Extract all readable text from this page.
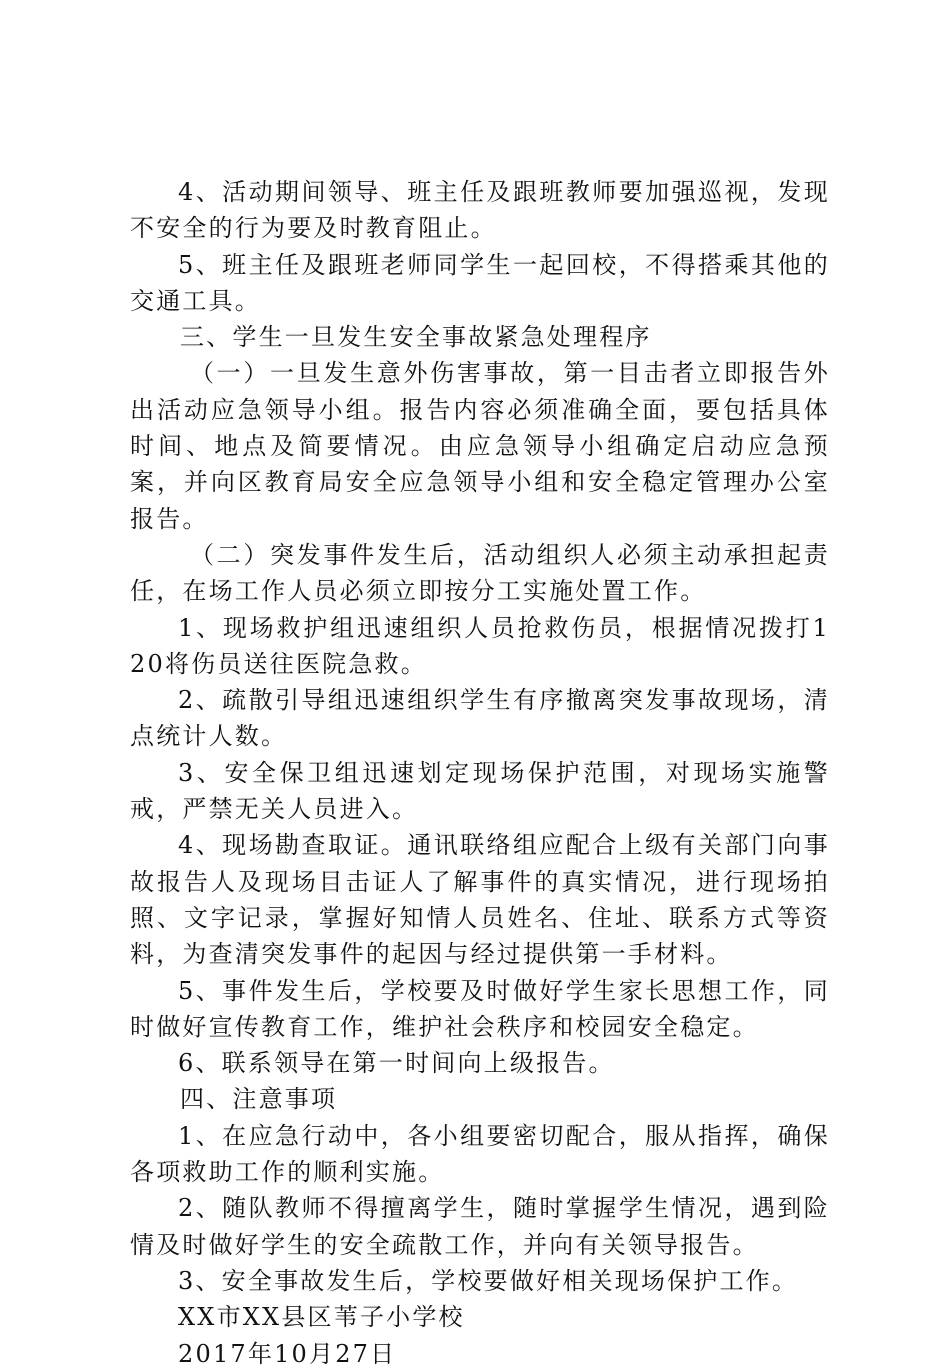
4、活动期间领导、班主任及跟班教师要加强巡视，发现不安全的行为要及时教育阻止。

5、班主任及跟班老师同学生一起回校，不得搭乘其他的交通工具。

三、学生一旦发生安全事故紧急处理程序

（一）一旦发生意外伤害事故，第一目击者立即报告外出活动应急领导小组。报告内容必须准确全面，要包括具体时间、地点及简要情况。由应急领导小组确定启动应急预案，并向区教育局安全应急领导小组和安全稳定管理办公室报告。

（二）突发事件发生后，活动组织人必须主动承担起责任，在场工作人员必须立即按分工实施处置工作。

1、现场救护组迅速组织人员抢救伤员，根据情况拨打120将伤员送往医院急救。

2、疏散引导组迅速组织学生有序撤离突发事故现场，清点统计人数。

3、安全保卫组迅速划定现场保护范围，对现场实施警戒，严禁无关人员进入。

4、现场勘查取证。通讯联络组应配合上级有关部门向事故报告人及现场目击证人了解事件的真实情况，进行现场拍照、文字记录，掌握好知情人员姓名、住址、联系方式等资料，为查清突发事件的起因与经过提供第一手材料。

5、事件发生后，学校要及时做好学生家长思想工作，同时做好宣传教育工作，维护社会秩序和校园安全稳定。

6、联系领导在第一时间向上级报告。

四、注意事项

1、在应急行动中，各小组要密切配合，服从指挥，确保各项救助工作的顺利实施。

2、随队教师不得擅离学生，随时掌握学生情况，遇到险情及时做好学生的安全疏散工作，并向有关领导报告。

3、安全事故发生后，学校要做好相关现场保护工作。

XX市XX县区苇子小学校

2017年10月27日
